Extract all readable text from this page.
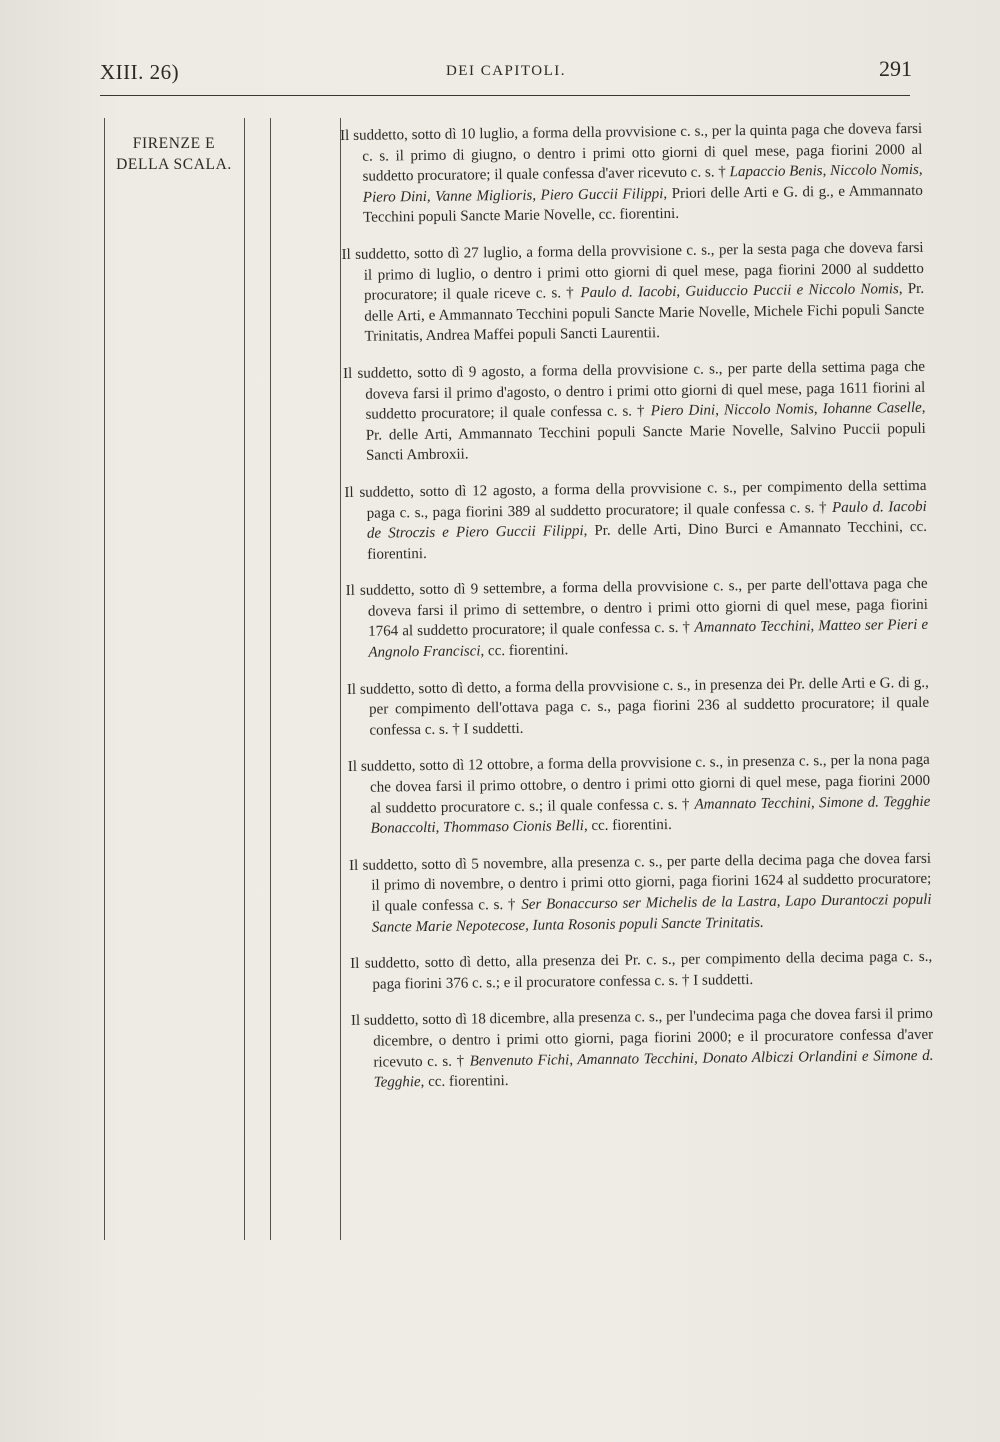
XIII. 26)	DEI CAPITOLI.	291
FIRENZE E
DELLA SCALA.

Il suddetto, sotto dì 10 luglio, a forma della provvisione c. s., per la quinta paga che doveva farsi c. s. il primo di giugno, o dentro i primi otto giorni di quel mese, paga fiorini 2000 al suddetto procuratore; il quale confessa d'aver ricevuto c. s. † Lapaccio Benis, Niccolo Nomis, Piero Dini, Vanne Miglioris, Piero Guccii Filippi, Priori delle Arti e G. di g., e Ammannato Tecchini populi Sancte Marie Novelle, cc. fiorentini.

Il suddetto, sotto dì 27 luglio, a forma della provvisione c. s., per la sesta paga che doveva farsi il primo di luglio, o dentro i primi otto giorni di quel mese, paga fiorini 2000 al suddetto procuratore; il quale riceve c. s. † Paulo d. Iacobi, Guiduccio Puccii e Niccolo Nomis, Pr. delle Arti, e Ammannato Tecchini populi Sancte Marie Novelle, Michele Fichi populi Sancte Trinitatis, Andrea Maffei populi Sancti Laurentii.

Il suddetto, sotto dì 9 agosto, a forma della provvisione c. s., per parte della settima paga che doveva farsi il primo d'agosto, o dentro i primi otto giorni di quel mese, paga 1611 fiorini al suddetto procuratore; il quale confessa c. s. † Piero Dini, Niccolo Nomis, Iohanne Caselle, Pr. delle Arti, Ammannato Tecchini populi Sancte Marie Novelle, Salvino Puccii populi Sancti Ambroxii.

Il suddetto, sotto dì 12 agosto, a forma della provvisione c. s., per compimento della settima paga c. s., paga fiorini 389 al suddetto procuratore; il quale confessa c. s. † Paulo d. Iacobi de Stroczis e Piero Guccii Filippi, Pr. delle Arti, Dino Burci e Amannato Tecchini, cc. fiorentini.

Il suddetto, sotto dì 9 settembre, a forma della provvisione c. s., per parte dell'ottava paga che doveva farsi il primo di settembre, o dentro i primi otto giorni di quel mese, paga fiorini 1764 al suddetto procuratore; il quale confessa c. s. † Amannato Tecchini, Matteo ser Pieri e Angnolo Francisci, cc. fiorentini.

Il suddetto, sotto dì detto, a forma della provvisione c. s., in presenza dei Pr. delle Arti e G. di g., per compimento dell'ottava paga c. s., paga fiorini 236 al suddetto procuratore; il quale confessa c. s. † I suddetti.

Il suddetto, sotto dì 12 ottobre, a forma della provvisione c. s., in presenza c. s., per la nona paga che dovea farsi il primo ottobre, o dentro i primi otto giorni di quel mese, paga fiorini 2000 al suddetto procuratore c. s.; il quale confessa c. s. † Amannato Tecchini, Simone d. Tegghie Bonaccolti, Thommaso Cionis Belli, cc. fiorentini.

Il suddetto, sotto dì 5 novembre, alla presenza c. s., per parte della decima paga che dovea farsi il primo di novembre, o dentro i primi otto giorni, paga fiorini 1624 al suddetto procuratore; il quale confessa c. s. † Ser Bonaccurso ser Michelis de la Lastra, Lapo Durantoczi populi Sancte Marie Nepotecose, Iunta Rosonis populi Sancte Trinitatis.

Il suddetto, sotto dì detto, alla presenza dei Pr. c. s., per compimento della decima paga c. s., paga fiorini 376 c. s.; e il procuratore confessa c. s. † I suddetti.

Il suddetto, sotto dì 18 dicembre, alla presenza c. s., per l'undecima paga che dovea farsi il primo dicembre, o dentro i primi otto giorni, paga fiorini 2000; e il procuratore confessa d'aver ricevuto c. s. † Benvenuto Fichi, Amannato Tecchini, Donato Albiczi Orlandini e Simone d. Tegghie, cc. fiorentini.
